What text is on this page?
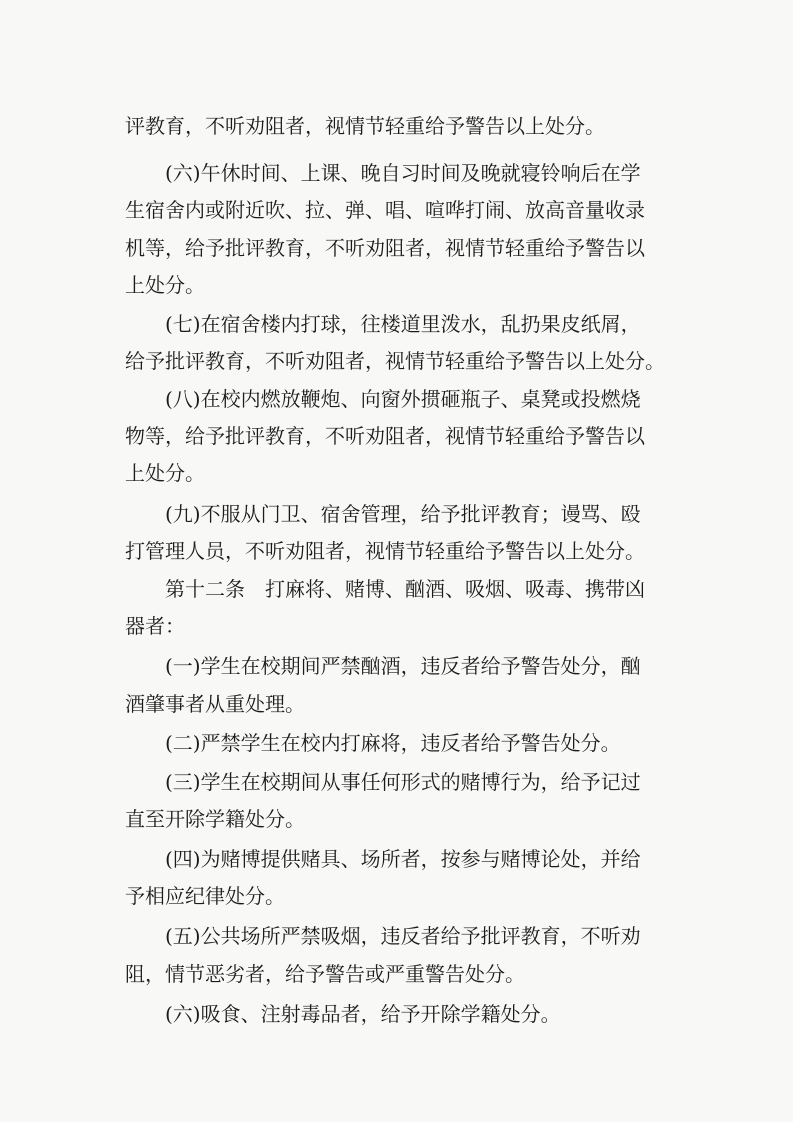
评教育，不听劝阻者，视情节轻重给予警告以上处分。
(六)午休时间、上课、晚自习时间及晚就寝铃响后在学
生宿舍内或附近吹、拉、弹、唱、喧哗打闹、放高音量收录
机等，给予批评教育，不听劝阻者，视情节轻重给予警告以
上处分。
(七)在宿舍楼内打球，往楼道里泼水，乱扔果皮纸屑，
给予批评教育，不听劝阻者，视情节轻重给予警告以上处分。
(八)在校内燃放鞭炮、向窗外掼砸瓶子、桌凳或投燃烧
物等，给予批评教育，不听劝阻者，视情节轻重给予警告以
上处分。
(九)不服从门卫、宿舍管理，给予批评教育；谩骂、殴
打管理人员，不听劝阻者，视情节轻重给予警告以上处分。
第十二条 打麻将、赌博、酗酒、吸烟、吸毒、携带凶
器者：
(一)学生在校期间严禁酗酒，违反者给予警告处分，酗
酒肇事者从重处理。
(二)严禁学生在校内打麻将，违反者给予警告处分。
(三)学生在校期间从事任何形式的赌博行为，给予记过
直至开除学籍处分。
(四)为赌博提供赌具、场所者，按参与赌博论处，并给
予相应纪律处分。
(五)公共场所严禁吸烟，违反者给予批评教育，不听劝
阻，情节恶劣者，给予警告或严重警告处分。
(六)吸食、注射毒品者，给予开除学籍处分。
